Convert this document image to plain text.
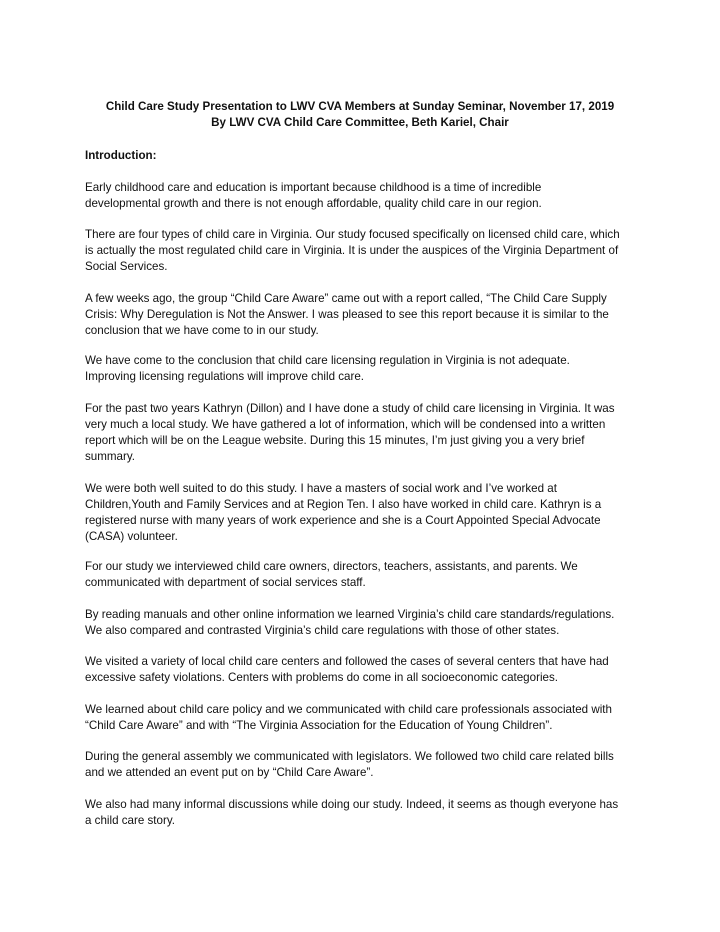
Child Care Study Presentation to LWV CVA Members at Sunday Seminar, November 17, 2019
By LWV CVA Child Care Committee, Beth Kariel, Chair
Introduction:

Early childhood care and education is important because childhood is a time of incredible
developmental growth and there is not enough affordable, quality child care in our region.

There are four types of child care in Virginia. Our study focused specifically on licensed child care, which
is actually the most regulated child care in Virginia. It is under the auspices of the Virginia Department of
Social Services.

A few weeks ago, the group “Child Care Aware” came out with a report called, “The Child Care Supply
Crisis: Why Deregulation is Not the Answer. I was pleased to see this report because it is similar to the
conclusion that we have come to in our study.

We have come to the conclusion that child care licensing regulation in Virginia is not adequate.
Improving licensing regulations will improve child care.

For the past two years Kathryn (Dillon) and I have done a study of child care licensing in Virginia. It was
very much a local study. We have gathered a lot of information, which will be condensed into a written
report which will be on the League website. During this 15 minutes, I’m just giving you a very brief
summary.

We were both well suited to do this study. I have a masters of social work and I’ve worked at
Children,Youth and Family Services and at Region Ten. I also have worked in child care. Kathryn is a
registered nurse with many years of work experience and she is a Court Appointed Special Advocate
(CASA) volunteer.

For our study we interviewed child care owners, directors, teachers, assistants, and parents. We
communicated with department of social services staff.

By reading manuals and other online information we learned Virginia’s child care standards/regulations.
We also compared and contrasted Virginia’s child care regulations with those of other states.

We visited a variety of local child care centers and followed the cases of several centers that have had
excessive safety violations. Centers with problems do come in all socioeconomic categories.

We learned about child care policy and we communicated with child care professionals associated with
“Child Care Aware” and with “The Virginia Association for the Education of Young Children”.

During the general assembly we communicated with legislators. We followed two child care related bills
and we attended an event put on by “Child Care Aware”.

We also had many informal discussions while doing our study. Indeed, it seems as though everyone has
a child care story.
